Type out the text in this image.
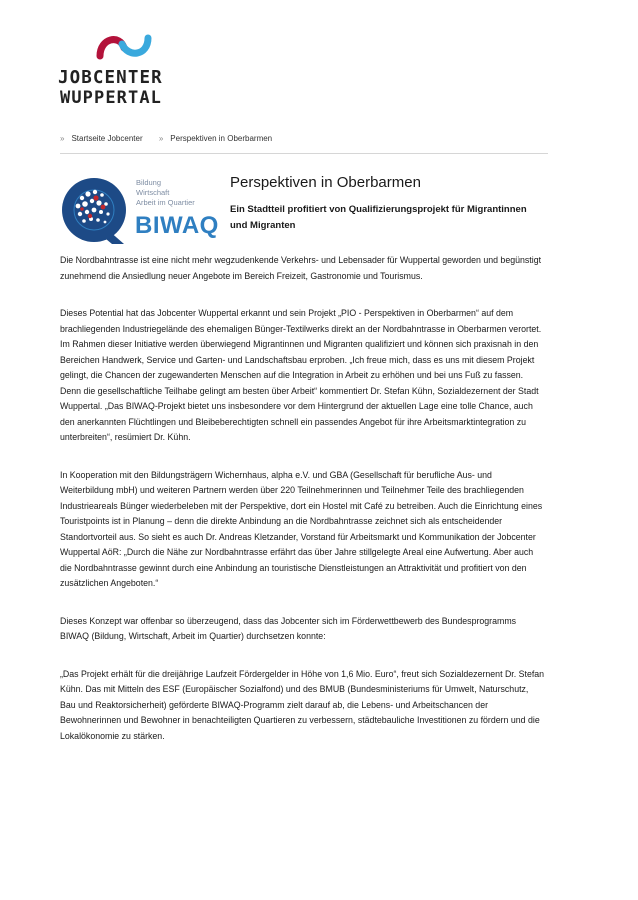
JOBCENTER
WUPPERTAL
» Startseite Jobcenter » Perspektiven in Oberbarmen
Bildung
Wirtschaft
Arbeit im Quartier
BIWAQ
Perspektiven in Oberbarmen
Ein Stadtteil profitiert von Qualifizierungsprojekt für Migrantinnen und Migranten

Die Nordbahntrasse ist eine nicht mehr wegzudenkende Verkehrs- und Lebensader für Wuppertal geworden und begünstigt zunehmend die Ansiedlung neuer Angebote im Bereich Freizeit, Gastronomie und Tourismus.

Dieses Potential hat das Jobcenter Wuppertal erkannt und sein Projekt „PIO - Perspektiven in Oberbarmen“ auf dem brachliegenden Industriegelände des ehemaligen Bünger-Textilwerks direkt an der Nordbahntrasse in Oberbarmen verortet. Im Rahmen dieser Initiative werden überwiegend Migrantinnen und Migranten qualifiziert und können sich praxisnah in den Bereichen Handwerk, Service und Garten- und Landschaftsbau erproben. „Ich freue mich, dass es uns mit diesem Projekt gelingt, die Chancen der zugewanderten Menschen auf die Integration in Arbeit zu erhöhen und bei uns Fuß zu fassen. Denn die gesellschaftliche Teilhabe gelingt am besten über Arbeit“ kommentiert Dr. Stefan Kühn, Sozialdezernent der Stadt Wuppertal. „Das BIWAQ-Projekt bietet uns insbesondere vor dem Hintergrund der aktuellen Lage eine tolle Chance, auch den anerkannten Flüchtlingen und Bleibeberechtigten schnell ein passendes Angebot für ihre Arbeitsmarktintegration zu unterbreiten“, resümiert Dr. Kühn.

In Kooperation mit den Bildungsträgern Wichernhaus, alpha e.V. und GBA (Gesellschaft für berufliche Aus- und Weiterbildung mbH) und weiteren Partnern werden über 220 Teilnehmerinnen und Teilnehmer Teile des brachliegenden Industrieareals Bünger wiederbeleben mit der Perspektive, dort ein Hostel mit Café zu betreiben. Auch die Einrichtung eines Touristpoints ist in Planung – denn die direkte Anbindung an die Nordbahntrasse zeichnet sich als entscheidender Standortvorteil aus. So sieht es auch Dr. Andreas Kletzander, Vorstand für Arbeitsmarkt und Kommunikation der Jobcenter Wuppertal AöR: „Durch die Nähe zur Nordbahntrasse erfährt das über Jahre stillgelegte Areal eine Aufwertung. Aber auch die Nordbahntrasse gewinnt durch eine Anbindung an touristische Dienstleistungen an Attraktivität und profitiert von den zusätzlichen Angeboten.“

Dieses Konzept war offenbar so überzeugend, dass das Jobcenter sich im Förderwettbewerb des Bundesprogramms BIWAQ (Bildung, Wirtschaft, Arbeit im Quartier) durchsetzen konnte:

„Das Projekt erhält für die dreijährige Laufzeit Fördergelder in Höhe von 1,6 Mio. Euro“, freut sich Sozialdezernent Dr. Stefan Kühn. Das mit Mitteln des ESF (Europäischer Sozialfond) und des BMUB (Bundesministeriums für Umwelt, Naturschutz, Bau und Reaktorsicherheit) geförderte BIWAQ-Programm zielt darauf ab, die Lebens- und Arbeitschancen der Bewohnerinnen und Bewohner in benachteiligten Quartieren zu verbessern, städtebauliche Investitionen zu fördern und die Lokalökonomie zu stärken.
